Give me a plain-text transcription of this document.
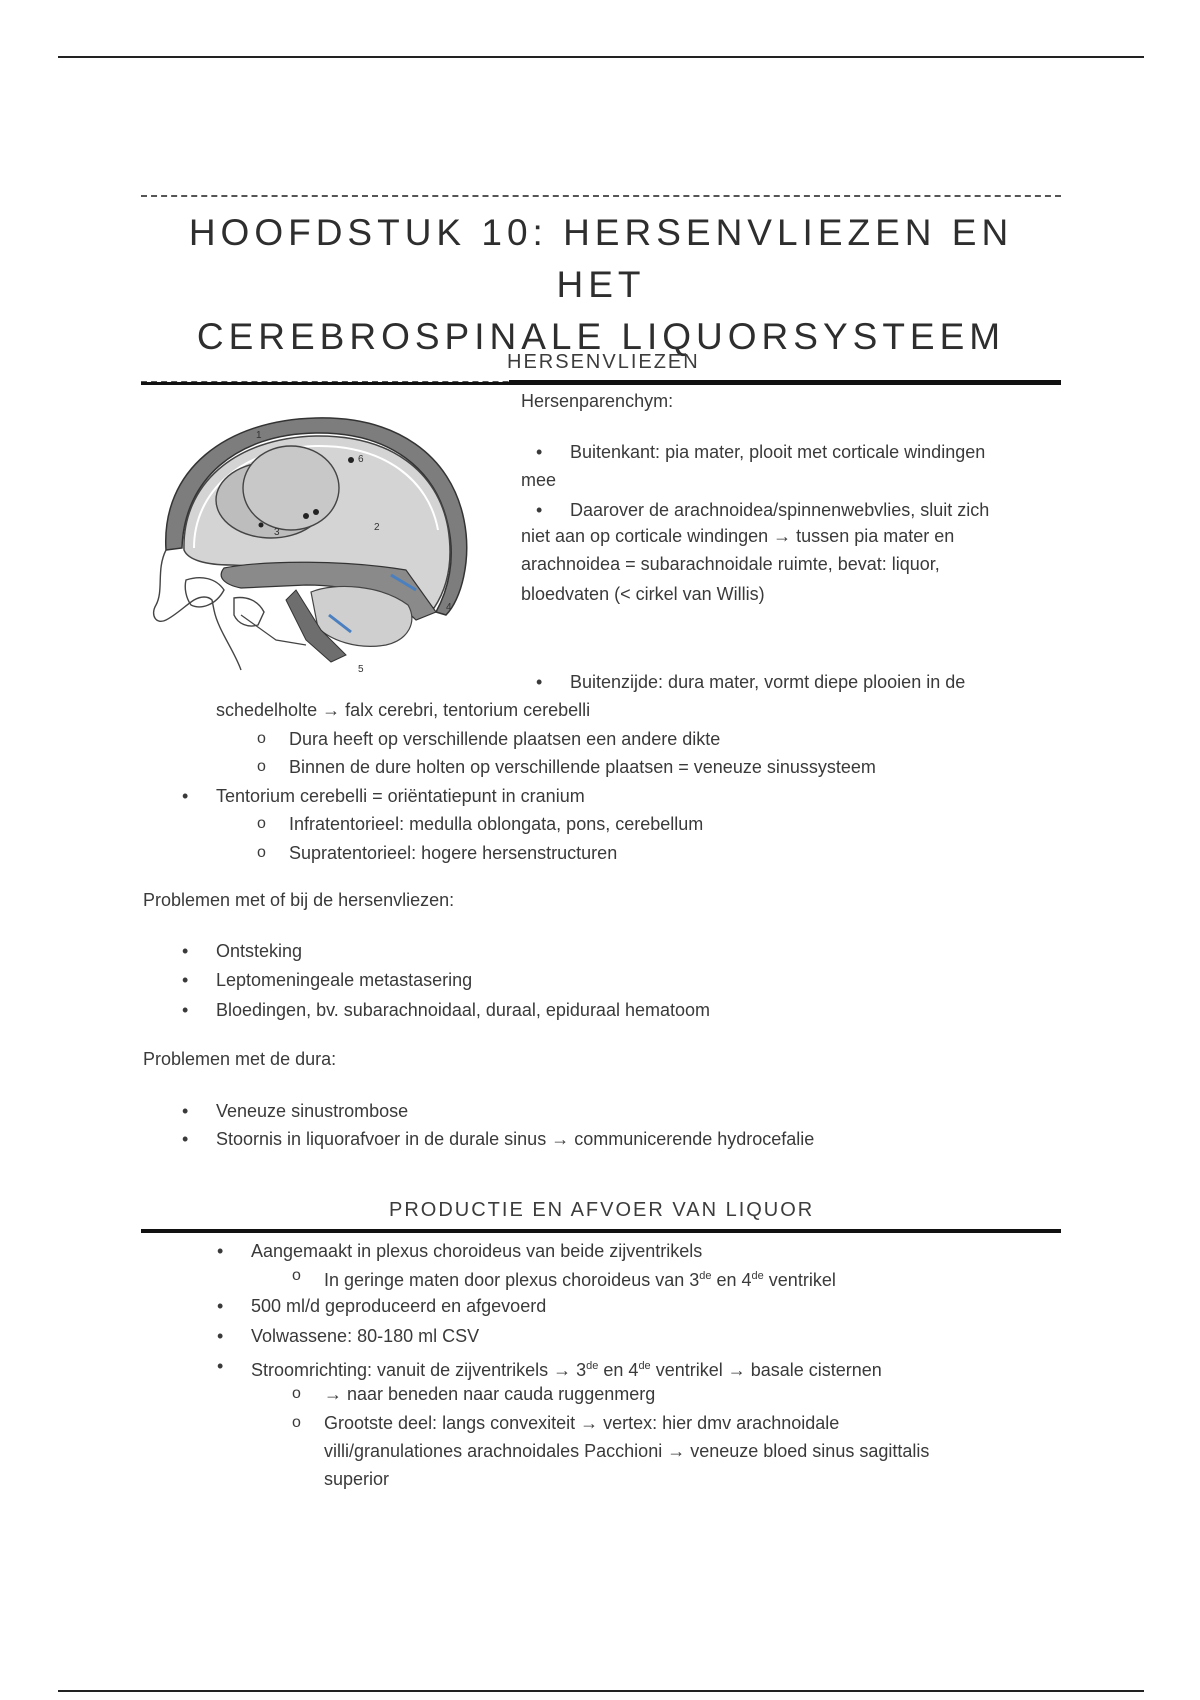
HOOFDSTUK 10: HERSENVLIEZEN EN HET
CEREBROSPINALE LIQUORSYSTEEM
HERSENVLIEZEN
1
2
3
4
5
6
Hersenparenchym:
• Buitenkant: pia mater, plooit met corticale windingen
mee
• Daarover de arachnoidea/spinnenwebvlies, sluit zich
niet aan op corticale windingen → tussen pia mater en
arachnoidea = subarachnoidale ruimte, bevat: liquor,
bloedvaten (< cirkel van Willis)
• Buitenzijde: dura mater, vormt diepe plooien in de
schedelholte → falx cerebri, tentorium cerebelli
o Dura heeft op verschillende plaatsen een andere dikte
o Binnen de dure holten op verschillende plaatsen = veneuze sinussysteem
• Tentorium cerebelli = oriëntatiepunt in cranium
o Infratentorieel: medulla oblongata, pons, cerebellum
o Supratentorieel: hogere hersenstructuren
Problemen met of bij de hersenvliezen:
• Ontsteking
• Leptomeningeale metastasering
• Bloedingen, bv. subarachnoidaal, duraal, epiduraal hematoom
Problemen met de dura:
• Veneuze sinustrombose
• Stoornis in liquorafvoer in de durale sinus → communicerende hydrocefalie
PRODUCTIE EN AFVOER VAN LIQUOR
• Aangemaakt in plexus choroideus van beide zijventrikels
o In geringe maten door plexus choroideus van 3de en 4de ventrikel
• 500 ml/d geproduceerd en afgevoerd
• Volwassene: 80-180 ml CSV
• Stroomrichting: vanuit de zijventrikels → 3de en 4de ventrikel → basale cisternen
o → naar beneden naar cauda ruggenmerg
o Grootste deel: langs convexiteit → vertex: hier dmv arachnoidale
villi/granulationes arachnoidales Pacchioni → veneuze bloed sinus sagittalis
superior
